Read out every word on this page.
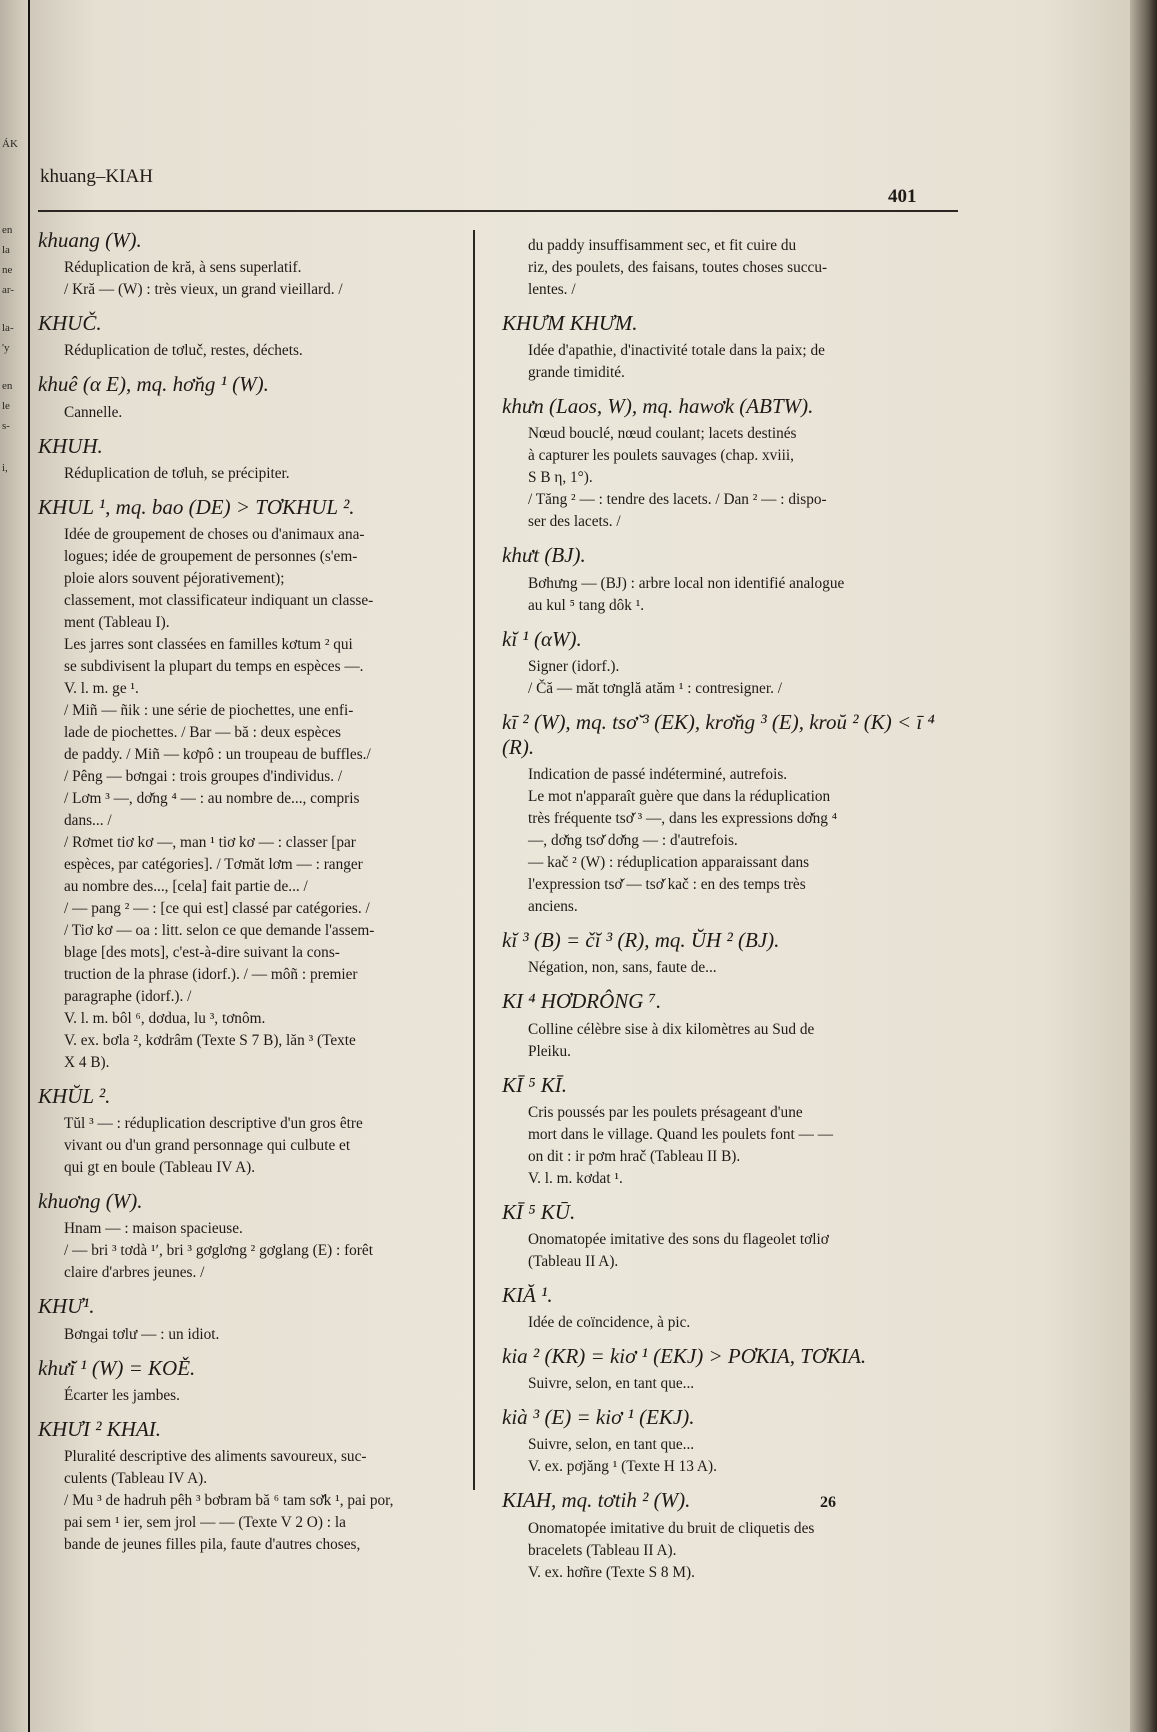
ÁK
en
la
ne
ar-
la-
'y
en
le
s-
i,
khuang–KIAH
401
khuang (W).
Réduplication de kră, à sens superlatif.
/ Kră — (W) : très vieux, un grand vieillard. /
KHUČ.
Réduplication de tơluč, restes, déchets.
khuê (α E), mq. hơ̆ng ¹ (W).
Cannelle.
KHUH.
Réduplication de tơluh, se précipiter.
KHUL ¹, mq. bao (DE) > TƠKHUL ².
Idée de groupement de choses ou d'animaux ana-
logues; idée de groupement de personnes (s'em-
ploie alors souvent péjorativement);
classement, mot classificateur indiquant un classe-
ment (Tableau I).
Les jarres sont classées en familles kơtum ² qui
se subdivisent la plupart du temps en espèces —.
V. l. m. ge ¹.
/ Miñ — ñik : une série de piochettes, une enfi-
lade de piochettes. / Bar — bă : deux espèces
de paddy. / Miñ — kơpô : un troupeau de buffles./
/ Pêng — bơngai : trois groupes d'individus. /
/ Lơm ³ —, dơ̆ng ⁴ — : au nombre de..., compris
dans... /
/ Rơmet tiơ kơ —, man ¹ tiơ kơ — : classer [par
espèces, par catégories]. / Tơmăt lơm — : ranger
au nombre des..., [cela] fait partie de... /
/ — pang ² — : [ce qui est] classé par catégories. /
/ Tiơ kơ — oa : litt. selon ce que demande l'assem-
blage [des mots], c'est-à-dire suivant la cons-
truction de la phrase (idorf.). / — môñ : premier
paragraphe (idorf.). /
V. l. m. bôl ⁶, dơdua, lu ³, tơnôm.
V. ex. bơla ², kơdrâm (Texte S 7 B), lăn ³ (Texte
X 4 B).
KHŬL ².
Tŭl ³ — : réduplication descriptive d'un gros être
vivant ou d'un grand personnage qui culbute et
qui gt en boule (Tableau IV A).
khuơng (W).
Hnam — : maison spacieuse.
/ — bri ³ tơdà ¹ʹ, bri ³ gơglơng ² gơglang (E) : forêt
claire d'arbres jeunes. /
KHƯ¹.
Bơngai tơlư — : un idiot.
khư̆i ¹ (W) = KOĚ.
Écarter les jambes.
KHƯI ² KHAI.
Pluralité descriptive des aliments savoureux, suc-
culents (Tableau IV A).
/ Mu ³ de hadruh pêh ³ bơbram bă ⁶ tam sơ̆k ¹, pai por,
pai sem ¹ ier, sem jrol — — (Texte V 2 O) : la
bande de jeunes filles pila, faute d'autres choses,
du paddy insuffisamment sec, et fit cuire du
riz, des poulets, des faisans, toutes choses succu-
lentes. /
KHƯM KHƯM.
Idée d'apathie, d'inactivité totale dans la paix; de
grande timidité.
khưn (Laos, W), mq. hawơk (ABTW).
Nœud bouclé, nœud coulant; lacets destinés
à capturer les poulets sauvages (chap. xviii,
S B η, 1°).
/ Tăng ² — : tendre des lacets. / Dan ² — : dispo-
ser des lacets. /
khưt (BJ).
Bơhưng — (BJ) : arbre local non identifié analogue
au kul ⁵ tang dôk ¹.
kĭ ¹ (αW).
Signer (idorf.).
/ Čă — măt tơnglă atăm ¹ : contresigner. /
kī ² (W), mq. tsơ̆ ³ (EK), krơ̆ng ³ (E), kroŭ ² (K) < ī ⁴ (R).
Indication de passé indéterminé, autrefois.
Le mot n'apparaît guère que dans la réduplication
très fréquente tsơ̆ ³ —, dans les expressions dơ̆ng ⁴
—, dơ̆ng tsơ̆ dơ̆ng — : d'autrefois.
— kač ² (W) : réduplication apparaissant dans
l'expression tsơ̆ — tsơ̆ kač : en des temps très
anciens.
kĭ ³ (B) = čĭ ³ (R), mq. ŬH ² (BJ).
Négation, non, sans, faute de...
KI ⁴ HƠDRÔNG ⁷.
Colline célèbre sise à dix kilomètres au Sud de
Pleiku.
KĪ ⁵ KĪ.
Cris poussés par les poulets présageant d'une
mort dans le village. Quand les poulets font — —
on dit : ir pơm hrač (Tableau II B).
V. l. m. kơdat ¹.
KĪ ⁵ KŪ.
Onomatopée imitative des sons du flageolet tơliơ
(Tableau II A).
KIĂ ¹.
Idée de coïncidence, à pic.
kia ² (KR) = kiơ ¹ (EKJ) > PƠKIA, TƠKIA.
Suivre, selon, en tant que...
kià ³ (E) = kiơ ¹ (EKJ).
Suivre, selon, en tant que...
V. ex. pơjăng ¹ (Texte H 13 A).
KIAH, mq. tơtih ² (W).
Onomatopée imitative du bruit de cliquetis des
bracelets (Tableau II A).
V. ex. hơñre (Texte S 8 M).
26
